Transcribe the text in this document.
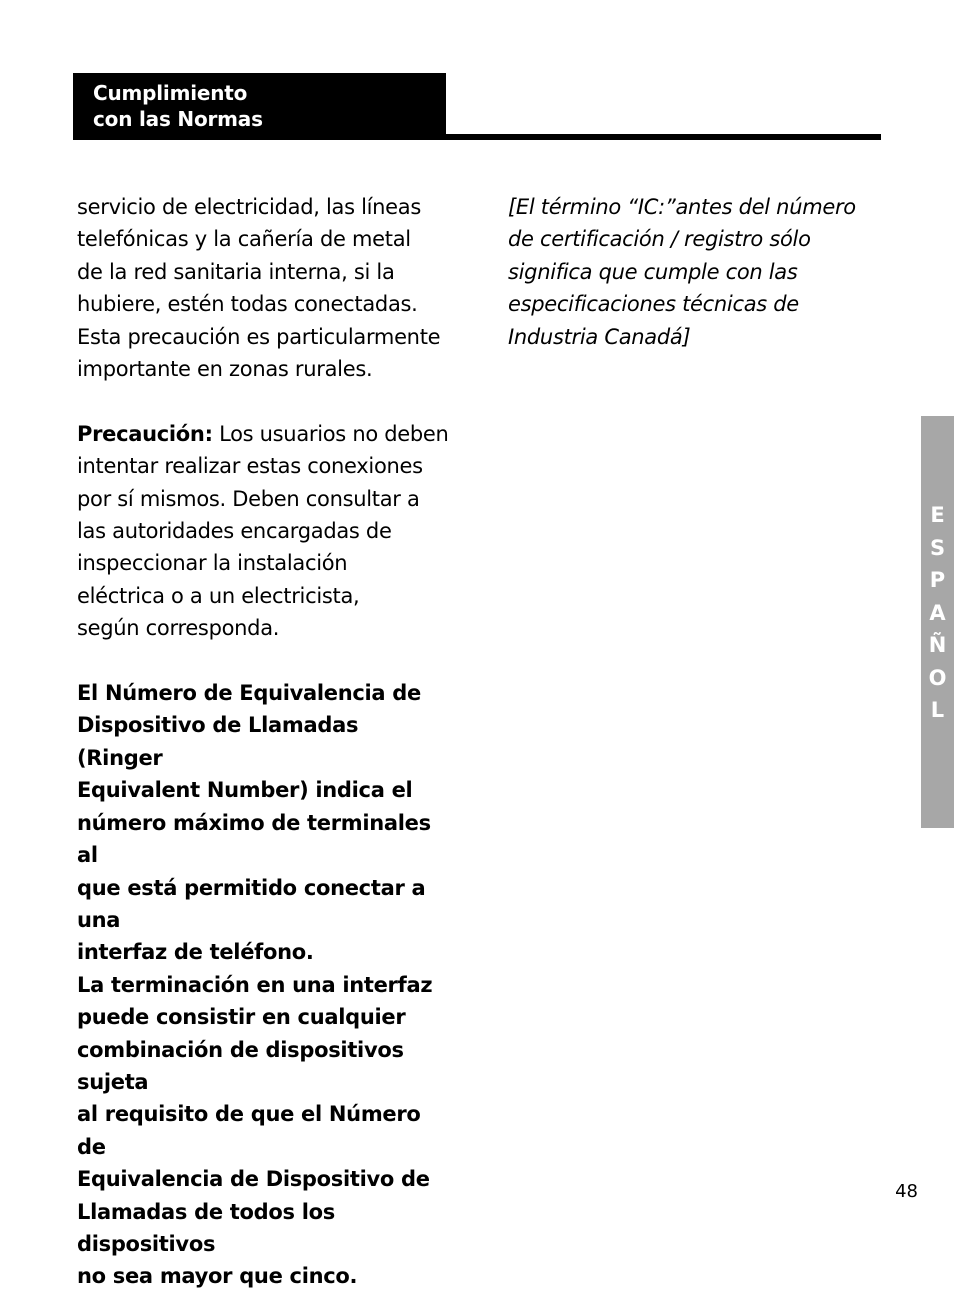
Cumplimiento
con las Normas

servicio de electricidad, las líneas
telefónicas y la cañería de metal
de la red sanitaria interna, si la
hubiere, estén todas conectadas.
Esta precaución es particularmente
importante en zonas rurales.

Precaución: Los usuarios no deben
intentar realizar estas conexiones
por sí mismos. Deben consultar a
las autoridades encargadas de
inspeccionar la instalación
eléctrica o a un electricista,
según corresponda.

El Número de Equivalencia de
Dispositivo de Llamadas (Ringer
Equivalent Number) indica el
número máximo de terminales al
que está permitido conectar a una
interfaz de teléfono.
La terminación en una interfaz
puede consistir en cualquier
combinación de dispositivos sujeta
al requisito de que el Número de
Equivalencia de Dispositivo de
Llamadas de todos los dispositivos
no sea mayor que cinco.

[El término “IC:”antes del número
de certificación / registro sólo
significa que cumple con las
especificaciones técnicas de
Industria Canadá]

E
S
P
A
Ñ
O
L
48
